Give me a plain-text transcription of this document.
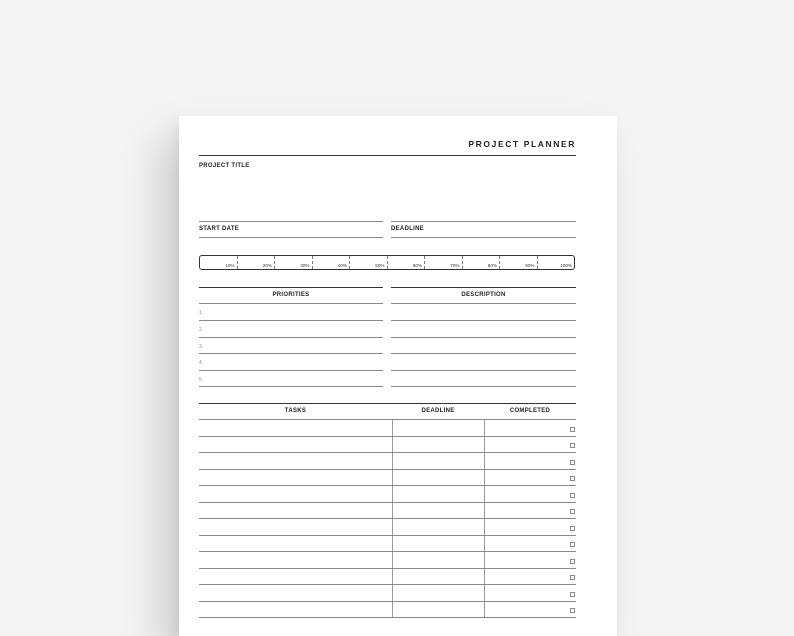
PROJECT PLANNER
PROJECT TITLE
START DATE	DEADLINE
10%	20%	30%	40%	50%	60%	70%	80%	90%	100%
PRIORITIES	DESCRIPTION
1.
2.
3.
4.
5.
TASKS	DEADLINE	COMPLETED
